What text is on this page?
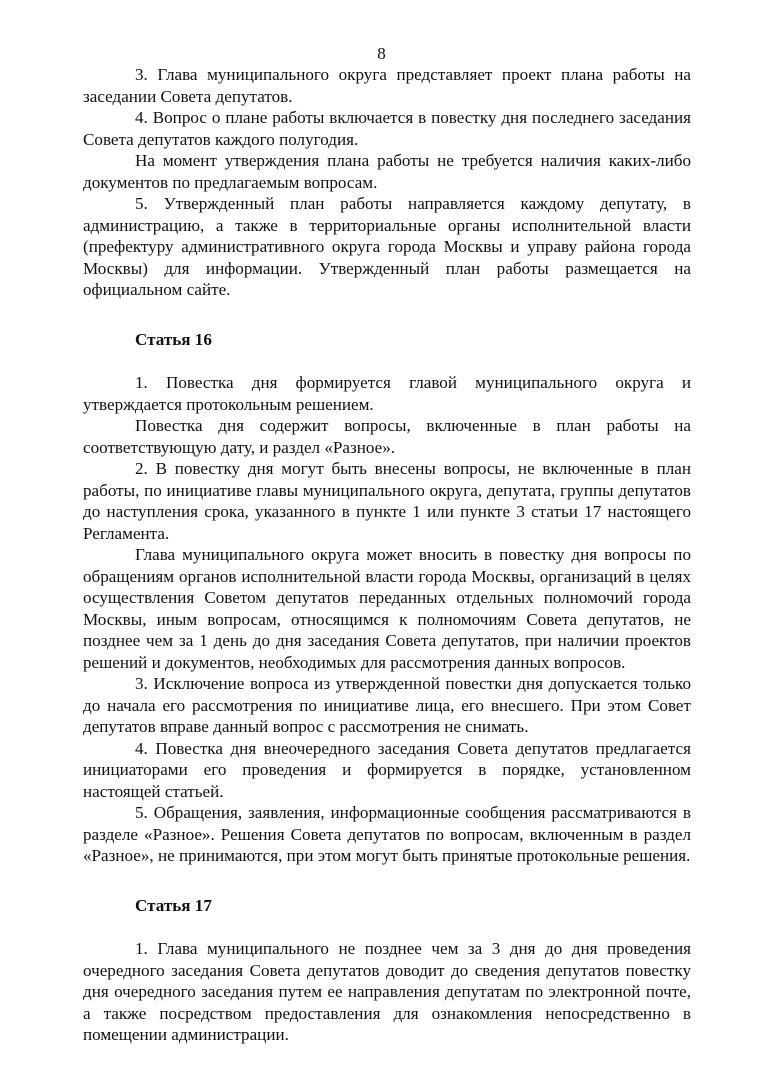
8

3. Глава муниципального округа представляет проект плана работы на заседании Совета депутатов.

4. Вопрос о плане работы включается в повестку дня последнего заседания Совета депутатов каждого полугодия.

На момент утверждения плана работы не требуется наличия каких-либо документов по предлагаемым вопросам.

5. Утвержденный план работы направляется каждому депутату, в администрацию, а также в территориальные органы исполнительной власти (префектуру административного округа города Москвы и управу района города Москвы) для информации. Утвержденный план работы размещается на официальном сайте.

Статья 16

1. Повестка дня формируется главой муниципального округа и утверждается протокольным решением.

Повестка дня содержит вопросы, включенные в план работы на соответствующую дату, и раздел «Разное».

2. В повестку дня могут быть внесены вопросы, не включенные в план работы, по инициативе главы муниципального округа, депутата, группы депутатов до наступления срока, указанного в пункте 1 или пункте 3 статьи 17 настоящего Регламента.

Глава муниципального округа может вносить в повестку дня вопросы по обращениям органов исполнительной власти города Москвы, организаций в целях осуществления Советом депутатов переданных отдельных полномочий города Москвы, иным вопросам, относящимся к полномочиям Совета депутатов, не позднее чем за 1 день до дня заседания Совета депутатов, при наличии проектов решений и документов, необходимых для рассмотрения данных вопросов.

3. Исключение вопроса из утвержденной повестки дня допускается только до начала его рассмотрения по инициативе лица, его внесшего. При этом Совет депутатов вправе данный вопрос с рассмотрения не снимать.

4. Повестка дня внеочередного заседания Совета депутатов предлагается инициаторами его проведения и формируется в порядке, установленном настоящей статьей.

5. Обращения, заявления, информационные сообщения рассматриваются в разделе «Разное». Решения Совета депутатов по вопросам, включенным в раздел «Разное», не принимаются, при этом могут быть принятые протокольные решения.

Статья 17

1. Глава муниципального не позднее чем за 3 дня до дня проведения очередного заседания Совета депутатов доводит до сведения депутатов повестку дня очередного заседания путем ее направления депутатам по электронной почте, а также посредством предоставления для ознакомления непосредственно в помещении администрации.
